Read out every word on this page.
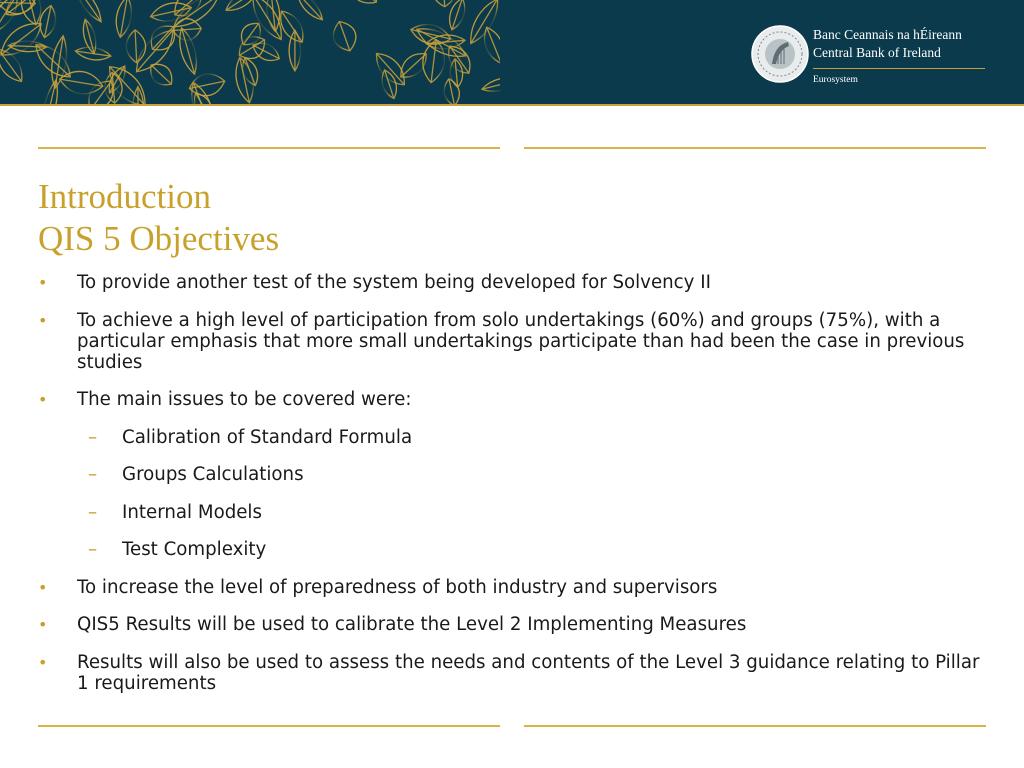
Banc Ceannais na hÉireann
Central Bank of Ireland
Eurosystem
Introduction
QIS 5 Objectives
• To provide another test of the system being developed for Solvency II
• To achieve a high level of participation from solo undertakings (60%) and groups (75%), with a particular emphasis that more small undertakings participate than had been the case in previous studies
• The main issues to be covered were:
– Calibration of Standard Formula
– Groups Calculations
– Internal Models
– Test Complexity
• To increase the level of preparedness of both industry and supervisors
• QIS5 Results will be used to calibrate the Level 2 Implementing Measures
• Results will also be used to assess the needs and contents of the Level 3 guidance relating to Pillar 1 requirements
